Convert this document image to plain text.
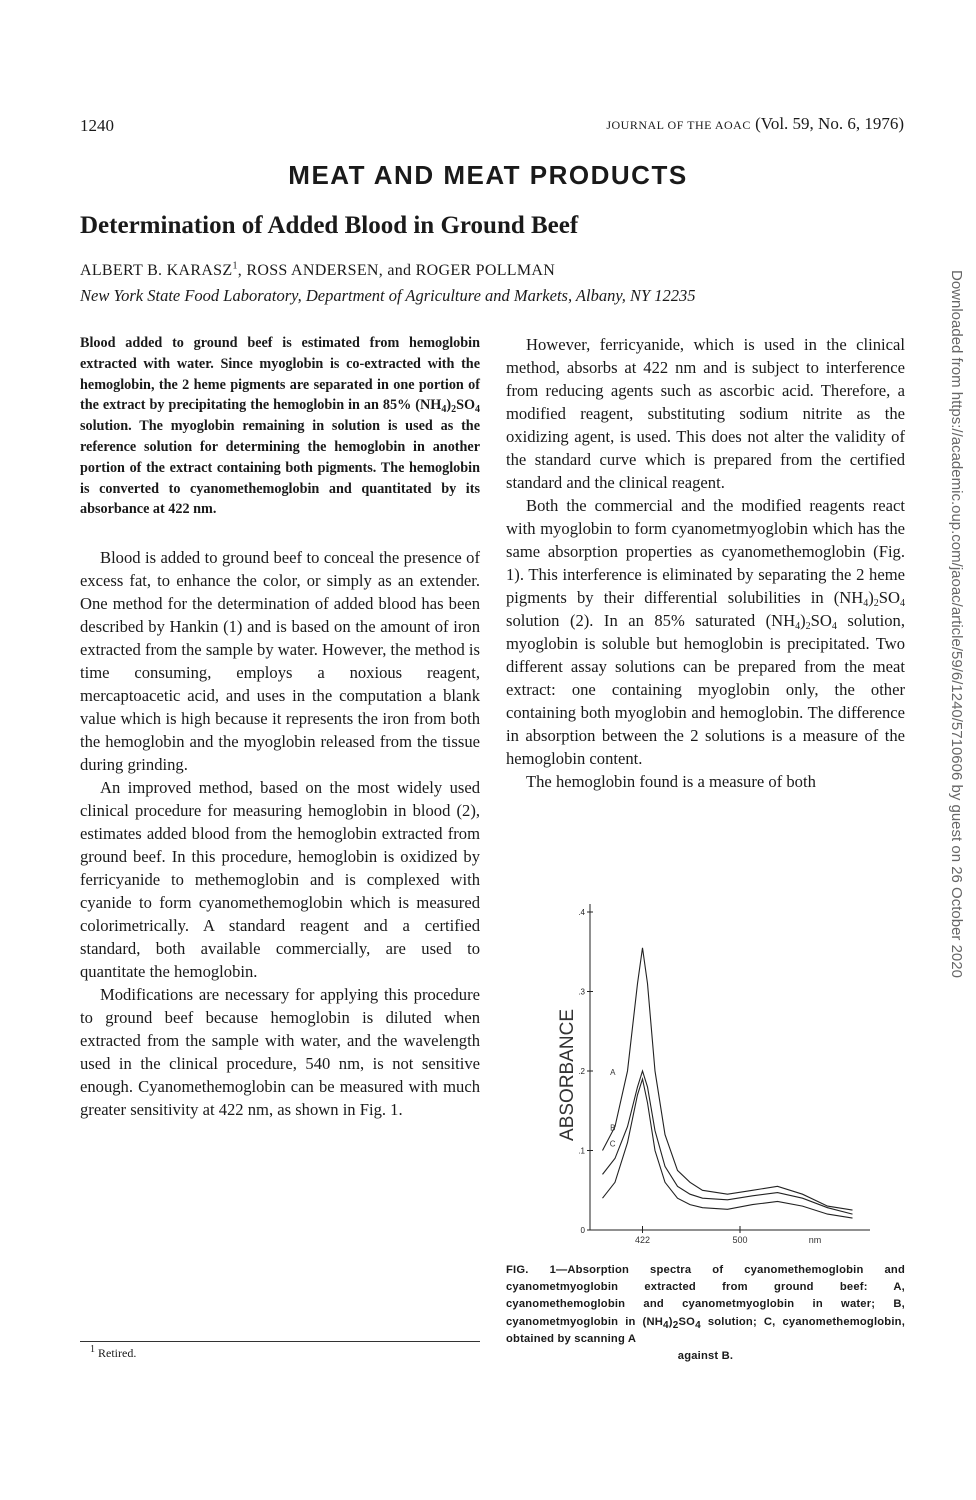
1240	JOURNAL OF THE AOAC (Vol. 59, No. 6, 1976)
MEAT AND MEAT PRODUCTS
Determination of Added Blood in Ground Beef
ALBERT B. KARASZ$^1$, ROSS ANDERSEN, and ROGER POLLMAN
New York State Food Laboratory, Department of Agriculture and Markets, Albany, NY 12235

Blood added to ground beef is estimated from hemoglobin extracted with water. Since myoglobin is co-extracted with the hemoglobin, the 2 heme pigments are separated in one portion of the extract by precipitating the hemoglobin in an 85% $(NH_4)_2SO_4$ solution. The myoglobin remaining in solution is used as the reference solution for determining the hemoglobin in another portion of the extract containing both pigments. The hemoglobin is converted to cyanomethemoglobin and quantitated by its absorbance at 422 nm.

Blood is added to ground beef to conceal the presence of excess fat, to enhance the color, or simply as an extender. One method for the determination of added blood has been described by Hankin (1) and is based on the amount of iron extracted from the sample by water. However, the method is time consuming, employs a noxious reagent, mercaptoacetic acid, and uses in the computation a blank value which is high because it represents the iron from both the hemoglobin and the myoglobin released from the tissue during grinding.

An improved method, based on the most widely used clinical procedure for measuring hemoglobin in blood (2), estimates added blood from the hemoglobin extracted from ground beef. In this procedure, hemoglobin is oxidized by ferricyanide to methemoglobin and is complexed with cyanide to form cyanomethemoglobin which is measured colorimetrically. A standard reagent and a certified standard, both available commercially, are used to quantitate the hemoglobin.

Modifications are necessary for applying this procedure to ground beef because hemoglobin is diluted when extracted from the sample with water, and the wavelength used in the clinical procedure, 540 nm, is not sensitive enough. Cyanomethemoglobin can be measured with much greater sensitivity at 422 nm, as shown in Fig. 1.

$^1$ Retired.

However, ferricyanide, which is used in the clinical method, absorbs at 422 nm and is subject to interference from reducing agents such as ascorbic acid. Therefore, a modified reagent, substituting sodium nitrite as the oxidizing agent, is used. This does not alter the validity of the standard curve which is prepared from the certified standard and the clinical reagent.

Both the commercial and the modified reagents react with myoglobin to form cyanometmyoglobin which has the same absorption properties as cyanomethemoglobin (Fig. 1). This interference is eliminated by separating the 2 heme pigments by their differential solubilities in $(NH_4)_2SO_4$ solution (2). In an 85% saturated $(NH_4)_2SO_4$ solution, myoglobin is soluble but hemoglobin is precipitated. Two different assay solutions can be prepared from the meat extract: one containing myoglobin only, the other containing both myoglobin and hemoglobin. The difference in absorption between the 2 solutions is a measure of the hemoglobin content.

The hemoglobin found is a measure of both

0
.1
.2
.3
.4
422	500	nm
ABSORBANCE	A
B
C
FIG. 1—Absorption spectra of cyanomethemoglobin and cyanometmyoglobin extracted from ground beef: A, cyanomethemoglobin and cyanometmyoglobin in water; B, cyanometmyoglobin in $(NH_4)_2SO_4$ solution; C, cyanomethemoglobin, obtained by scanning A
against B.
Downloaded from https://academic.oup.com/jaoac/article/59/6/1240/5710606 by guest on 26 October 2020
